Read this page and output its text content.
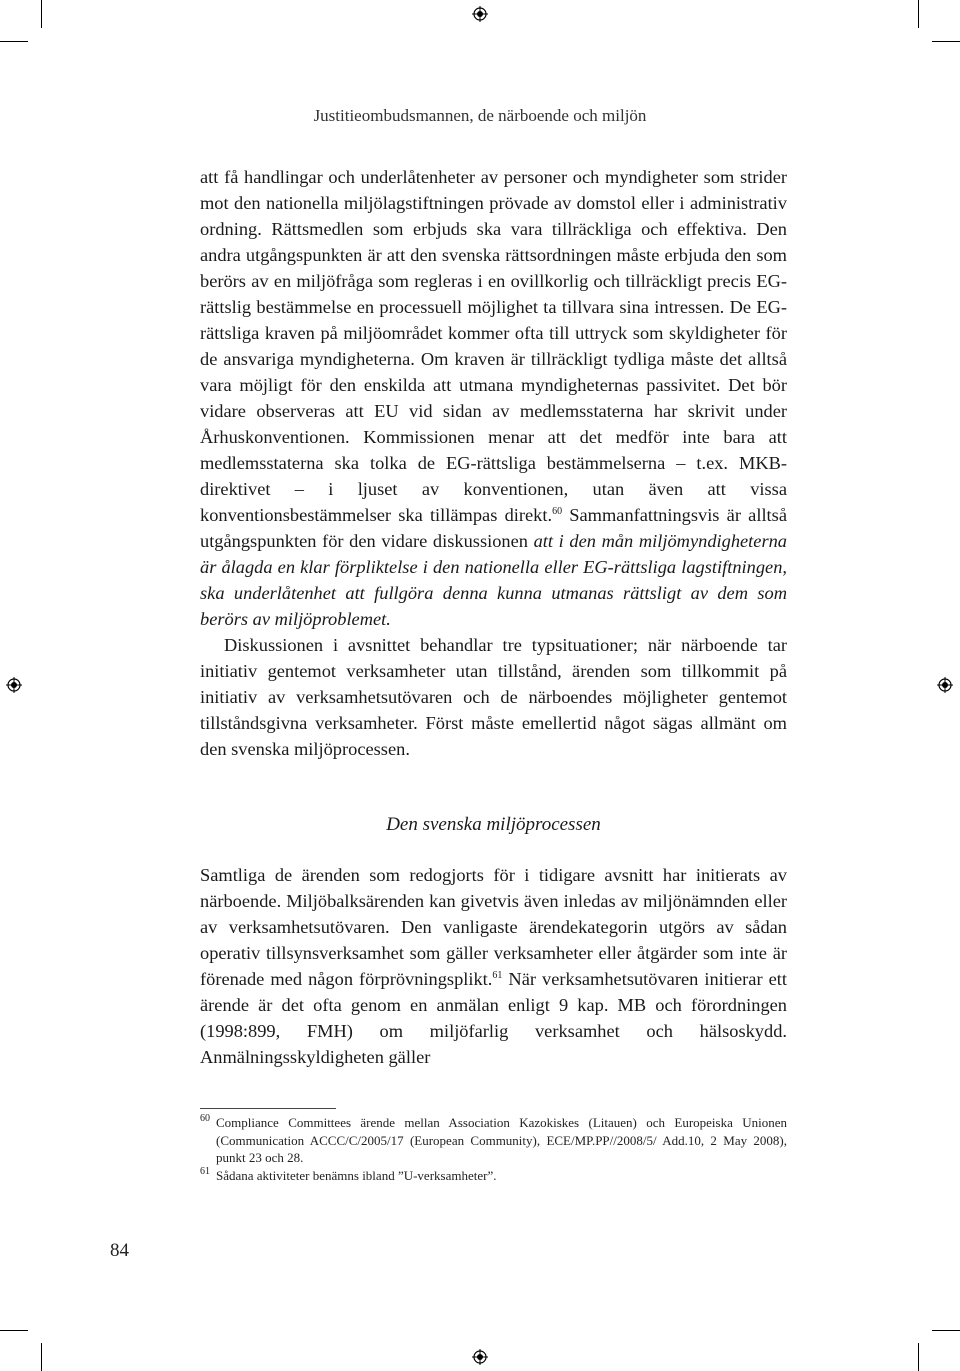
Justitieombudsmannen, de närboende och miljön

att få handlingar och underlåtenheter av personer och myndigheter som strider mot den nationella miljölagstiftningen prövade av domstol eller i administrativ ordning. Rättsmedlen som erbjuds ska vara tillräckliga och effektiva. Den andra utgångspunkten är att den svenska rättsordningen måste erbjuda den som berörs av en miljöfråga som regleras i en ovillkorlig och tillräckligt precis EG-rättslig bestämmelse en processuell möjlighet ta tillvara sina intressen. De EG-rättsliga kraven på miljöområdet kommer ofta till uttryck som skyldigheter för de ansvariga myndigheterna. Om kraven är tillräckligt tydliga måste det alltså vara möjligt för den enskilda att utmana myndigheternas passivitet. Det bör vidare observeras att EU vid sidan av medlemsstaterna har skrivit under Århuskonventionen. Kommissionen menar att det medför inte bara att medlemsstaterna ska tolka de EG-rättsliga bestämmelserna – t.ex. MKB-direktivet – i ljuset av konventionen, utan även att vissa konventionsbestämmelser ska tillämpas direkt.$^{60}$ Sammanfattningsvis är alltså utgångspunkten för den vidare diskussionen att i den mån miljömyndigheterna är ålagda en klar förpliktelse i den nationella eller EG-rättsliga lagstiftningen, ska underlåtenhet att fullgöra denna kunna utmanas rättsligt av dem som berörs av miljöproblemet.

Diskussionen i avsnittet behandlar tre typsituationer; när närboende tar initiativ gentemot verksamheter utan tillstånd, ärenden som tillkommit på initiativ av verksamhetsutövaren och de närboendes möjligheter gentemot tillståndsgivna verksamheter. Först måste emellertid något sägas allmänt om den svenska miljöprocessen.

Den svenska miljöprocessen

Samtliga de ärenden som redogjorts för i tidigare avsnitt har initierats av närboende. Miljöbalksärenden kan givetvis även inledas av miljönämnden eller av verksamhetsutövaren. Den vanligaste ärendekategorin utgörs av sådan operativ tillsynsverksamhet som gäller verksamheter eller åtgärder som inte är förenade med någon förprövningsplikt.$^{61}$ När verksamhetsutövaren initierar ett ärende är det ofta genom en anmälan enligt 9 kap. MB och förordningen (1998:899, FMH) om miljöfarlig verksamhet och hälsoskydd. Anmälningsskyldigheten gäller

60 Compliance Committees ärende mellan Association Kazokiskes (Litauen) och Europeiska Unionen (Communication ACCC/C/2005/17 (European Community), ECE/MP.PP//2008/5/ Add.10, 2 May 2008), punkt 23 och 28.
61 Sådana aktiviteter benämns ibland ”U-verksamheter”.
84
